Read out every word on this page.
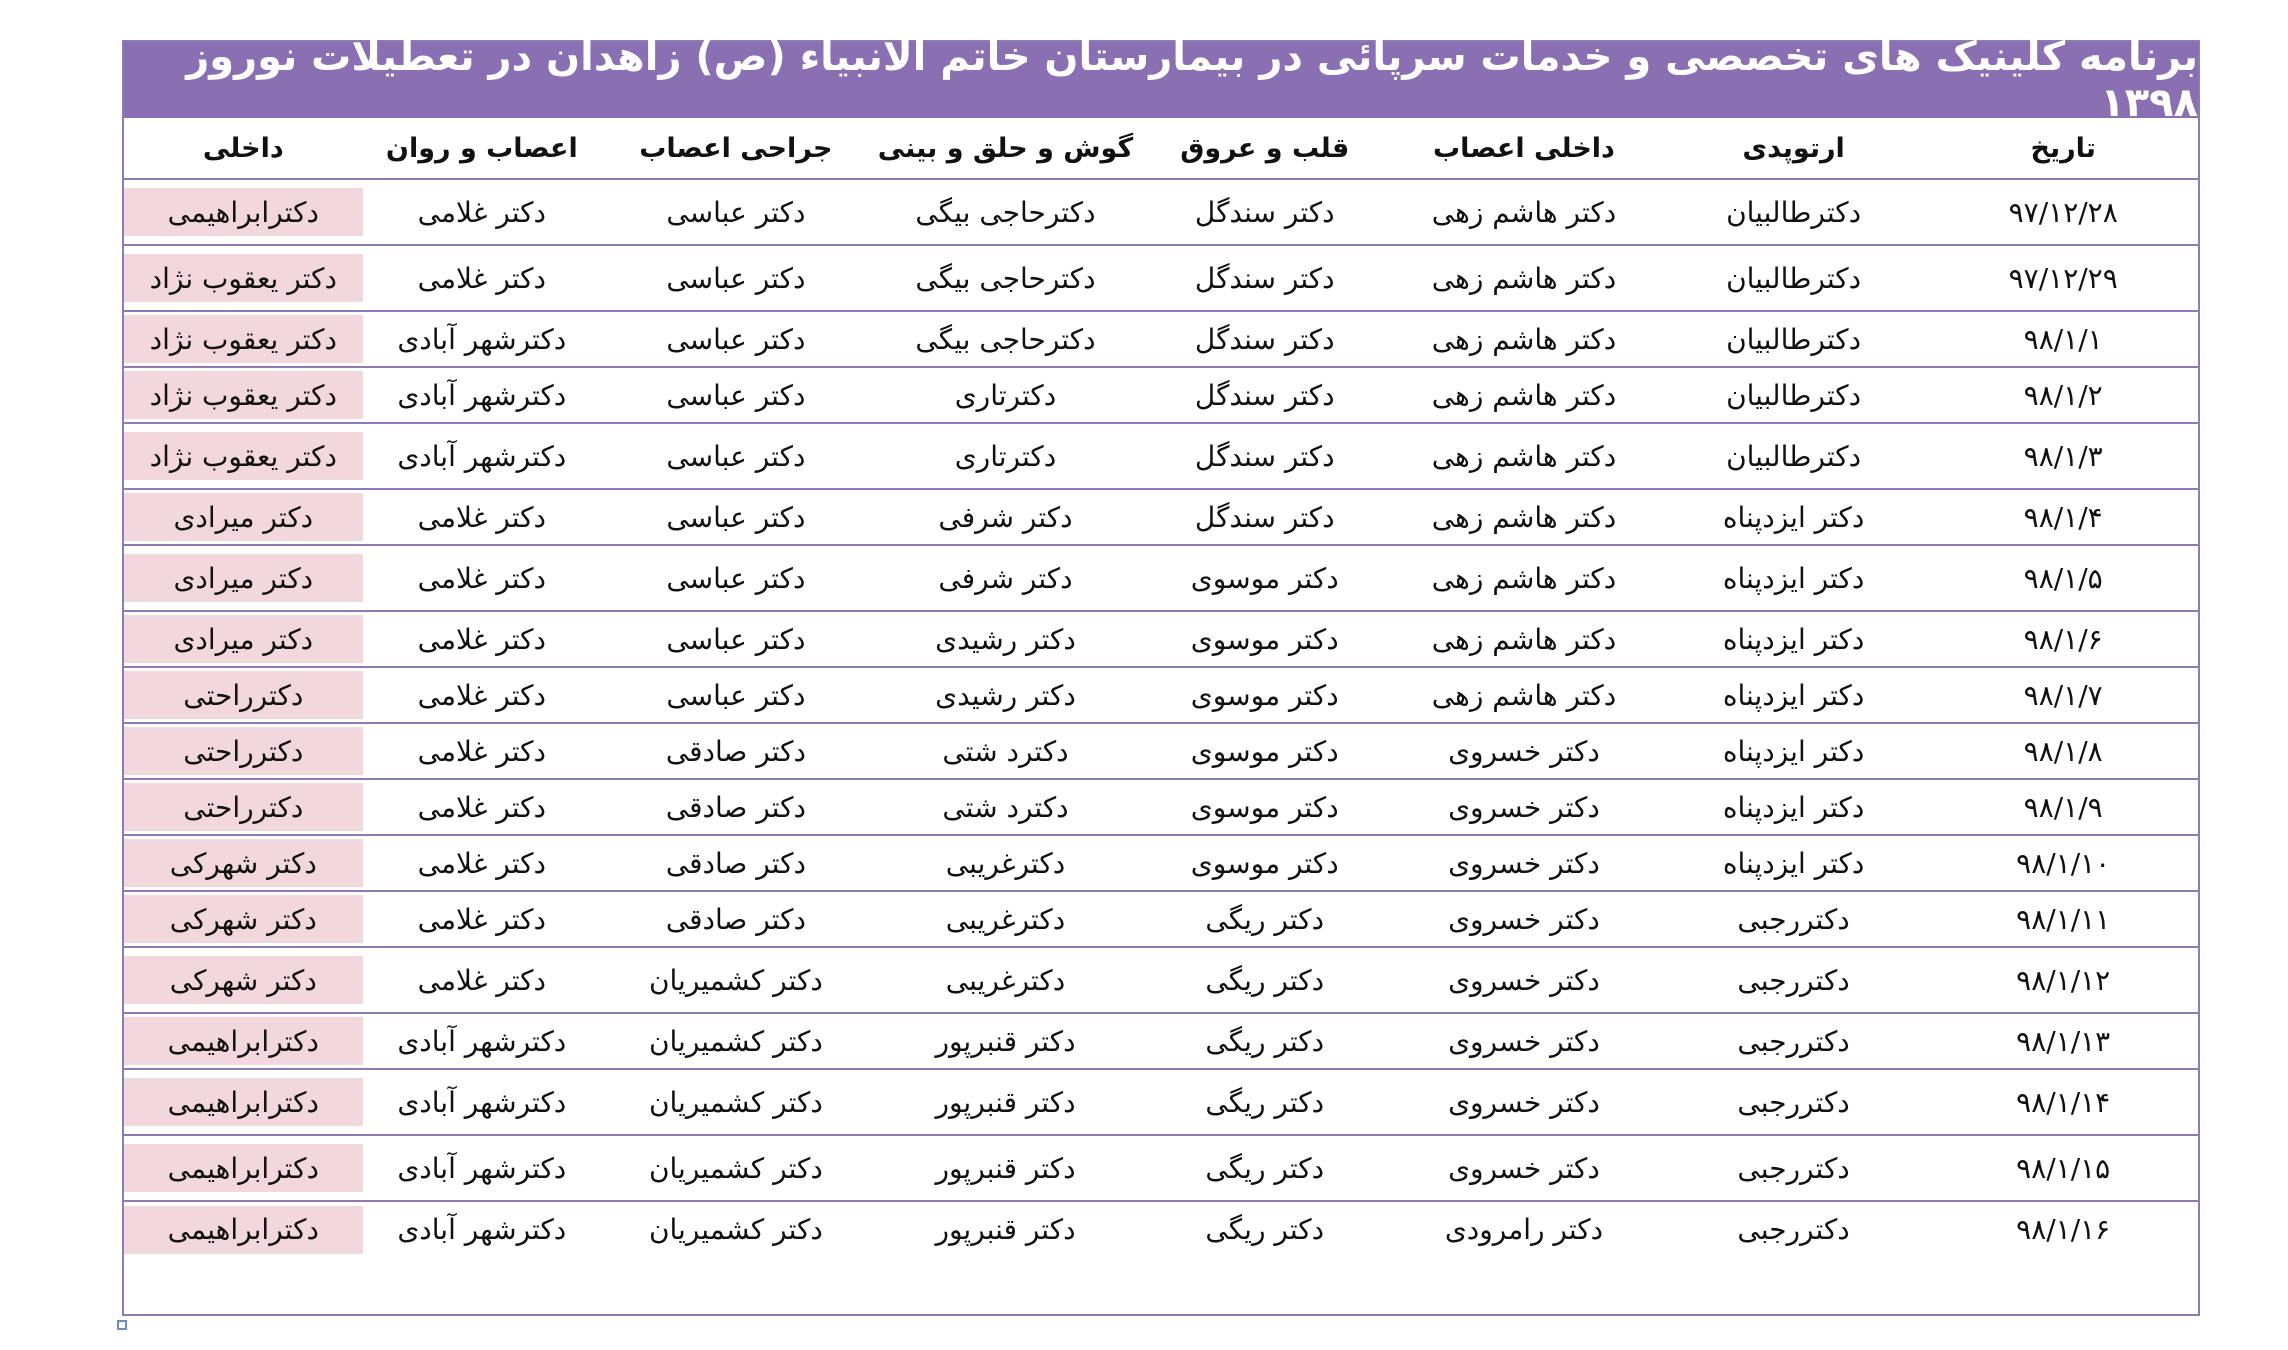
برنامه کلینیک های تخصصی و خدمات سرپائی در بیمارستان خاتم الانبیاء (ص) زاهدان در تعطیلات نوروز ۱۳۹۸
تاریخ	ارتوپدی	داخلی اعصاب	قلب و عروق	گوش و حلق و بینی	جراحی اعصاب	اعصاب و روان	داخلی
۹۷/۱۲/۲۸	دکترطالبیان	دکتر هاشم زهی	دکتر سندگل	دکترحاجی بیگی	دکتر عباسی	دکتر غلامی	دکترابراهیمی

۹۷/۱۲/۲۹	دکترطالبیان	دکتر هاشم زهی	دکتر سندگل	دکترحاجی بیگی	دکتر عباسی	دکتر غلامی	دکتر یعقوب نژاد

۹۸/۱/۱	دکترطالبیان	دکتر هاشم زهی	دکتر سندگل	دکترحاجی بیگی	دکتر عباسی	دکترشهر آبادی	دکتر یعقوب نژاد

۹۸/۱/۲	دکترطالبیان	دکتر هاشم زهی	دکتر سندگل	دکترتاری	دکتر عباسی	دکترشهر آبادی	دکتر یعقوب نژاد

۹۸/۱/۳	دکترطالبیان	دکتر هاشم زهی	دکتر سندگل	دکترتاری	دکتر عباسی	دکترشهر آبادی	دکتر یعقوب نژاد

۹۸/۱/۴	دکتر ایزدپناه	دکتر هاشم زهی	دکتر سندگل	دکتر شرفی	دکتر عباسی	دکتر غلامی	دکتر میرادی

۹۸/۱/۵	دکتر ایزدپناه	دکتر هاشم زهی	دکتر موسوی	دکتر شرفی	دکتر عباسی	دکتر غلامی	دکتر میرادی

۹۸/۱/۶	دکتر ایزدپناه	دکتر هاشم زهی	دکتر موسوی	دکتر رشیدی	دکتر عباسی	دکتر غلامی	دکتر میرادی

۹۸/۱/۷	دکتر ایزدپناه	دکتر هاشم زهی	دکتر موسوی	دکتر رشیدی	دکتر عباسی	دکتر غلامی	دکترراحتی

۹۸/۱/۸	دکتر ایزدپناه	دکتر خسروی	دکتر موسوی	دکترد شتی	دکتر صادقی	دکتر غلامی	دکترراحتی

۹۸/۱/۹	دکتر ایزدپناه	دکتر خسروی	دکتر موسوی	دکترد شتی	دکتر صادقی	دکتر غلامی	دکترراحتی

۹۸/۱/۱۰	دکتر ایزدپناه	دکتر خسروی	دکتر موسوی	دکترغریبی	دکتر صادقی	دکتر غلامی	دکتر شهرکی

۹۸/۱/۱۱	دکتررجبی	دکتر خسروی	دکتر ریگی	دکترغریبی	دکتر صادقی	دکتر غلامی	دکتر شهرکی

۹۸/۱/۱۲	دکتررجبی	دکتر خسروی	دکتر ریگی	دکترغریبی	دکتر کشمیریان	دکتر غلامی	دکتر شهرکی

۹۸/۱/۱۳	دکتررجبی	دکتر خسروی	دکتر ریگی	دکتر قنبرپور	دکتر کشمیریان	دکترشهر آبادی	دکترابراهیمی

۹۸/۱/۱۴	دکتررجبی	دکتر خسروی	دکتر ریگی	دکتر قنبرپور	دکتر کشمیریان	دکترشهر آبادی	دکترابراهیمی

۹۸/۱/۱۵	دکتررجبی	دکتر خسروی	دکتر ریگی	دکتر قنبرپور	دکتر کشمیریان	دکترشهر آبادی	دکترابراهیمی

۹۸/۱/۱۶	دکتررجبی	دکتر رامرودی	دکتر ریگی	دکتر قنبرپور	دکتر کشمیریان	دکترشهر آبادی	دکترابراهیمی
